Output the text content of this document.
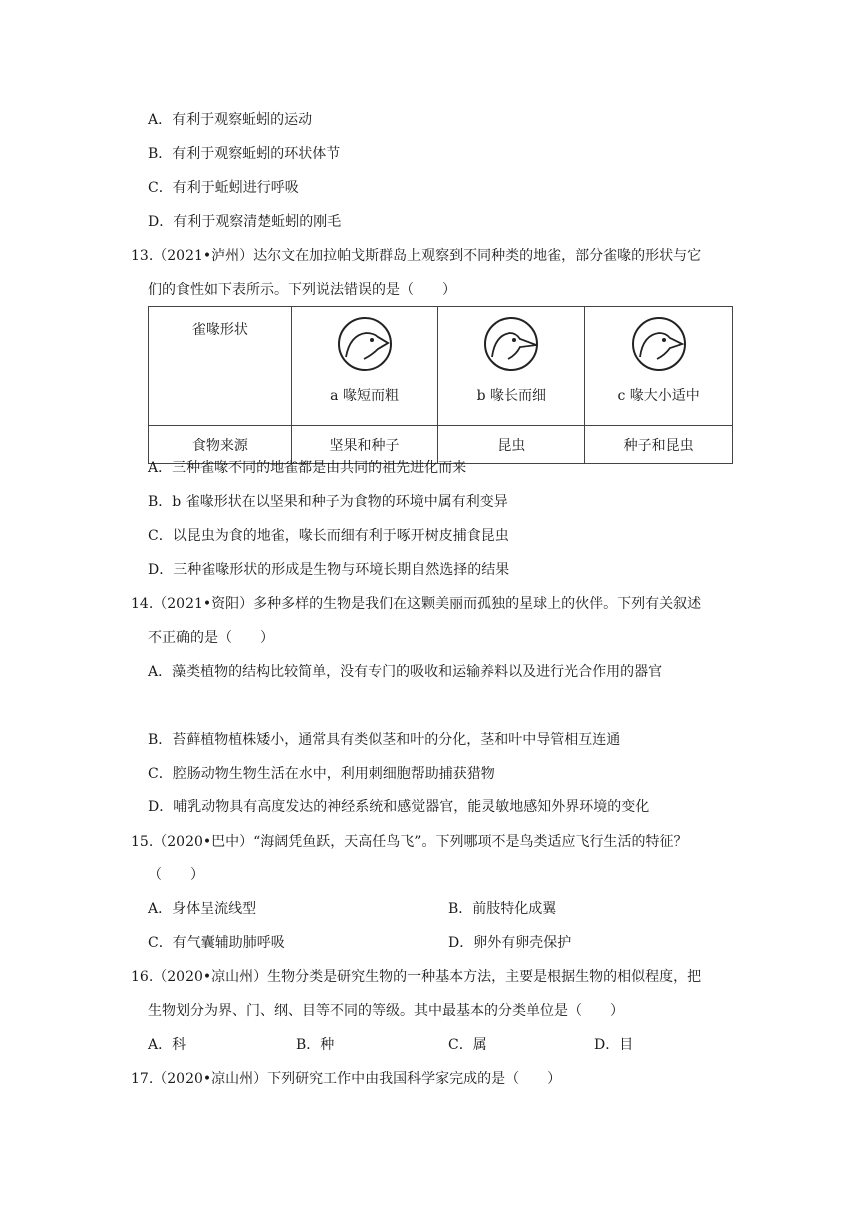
A．有利于观察蚯蚓的运动
B．有利于观察蚯蚓的环状体节
C．有利于蚯蚓进行呼吸
D．有利于观察清楚蚯蚓的刚毛
13.（2021•泸州）达尔文在加拉帕戈斯群岛上观察到不同种类的地雀，部分雀喙的形状与它
们的食性如下表所示。下列说法错误的是（　　）
雀喙形状	a 喙短而粗	b 喙长而细	c 喙大小适中

食物来源	坚果和种子	昆虫	种子和昆虫
A．三种雀喙不同的地雀都是由共同的祖先进化而来
B．b 雀喙形状在以坚果和种子为食物的环境中属有利变异
C．以昆虫为食的地雀，喙长而细有利于啄开树皮捕食昆虫
D．三种雀喙形状的形成是生物与环境长期自然选择的结果
14.（2021•资阳）多种多样的生物是我们在这颗美丽而孤独的星球上的伙伴。下列有关叙述
不正确的是（　　）
A．藻类植物的结构比较简单，没有专门的吸收和运输养料以及进行光合作用的器官
B．苔藓植物植株矮小，通常具有类似茎和叶的分化，茎和叶中导管相互连通
C．腔肠动物生物生活在水中，利用刺细胞帮助捕获猎物
D．哺乳动物具有高度发达的神经系统和感觉器官，能灵敏地感知外界环境的变化
15.（2020•巴中）“海阔凭鱼跃，天高任鸟飞”。下列哪项不是鸟类适应飞行生活的特征？
（　　）
A．身体呈流线型	B．前肢特化成翼
C．有气囊辅助肺呼吸	D．卵外有卵壳保护
16.（2020•凉山州）生物分类是研究生物的一种基本方法，主要是根据生物的相似程度，把
生物划分为界、门、纲、目等不同的等级。其中最基本的分类单位是（　　）
A．科	B．种	C．属	D．目
17.（2020•凉山州）下列研究工作中由我国科学家完成的是（　　）
